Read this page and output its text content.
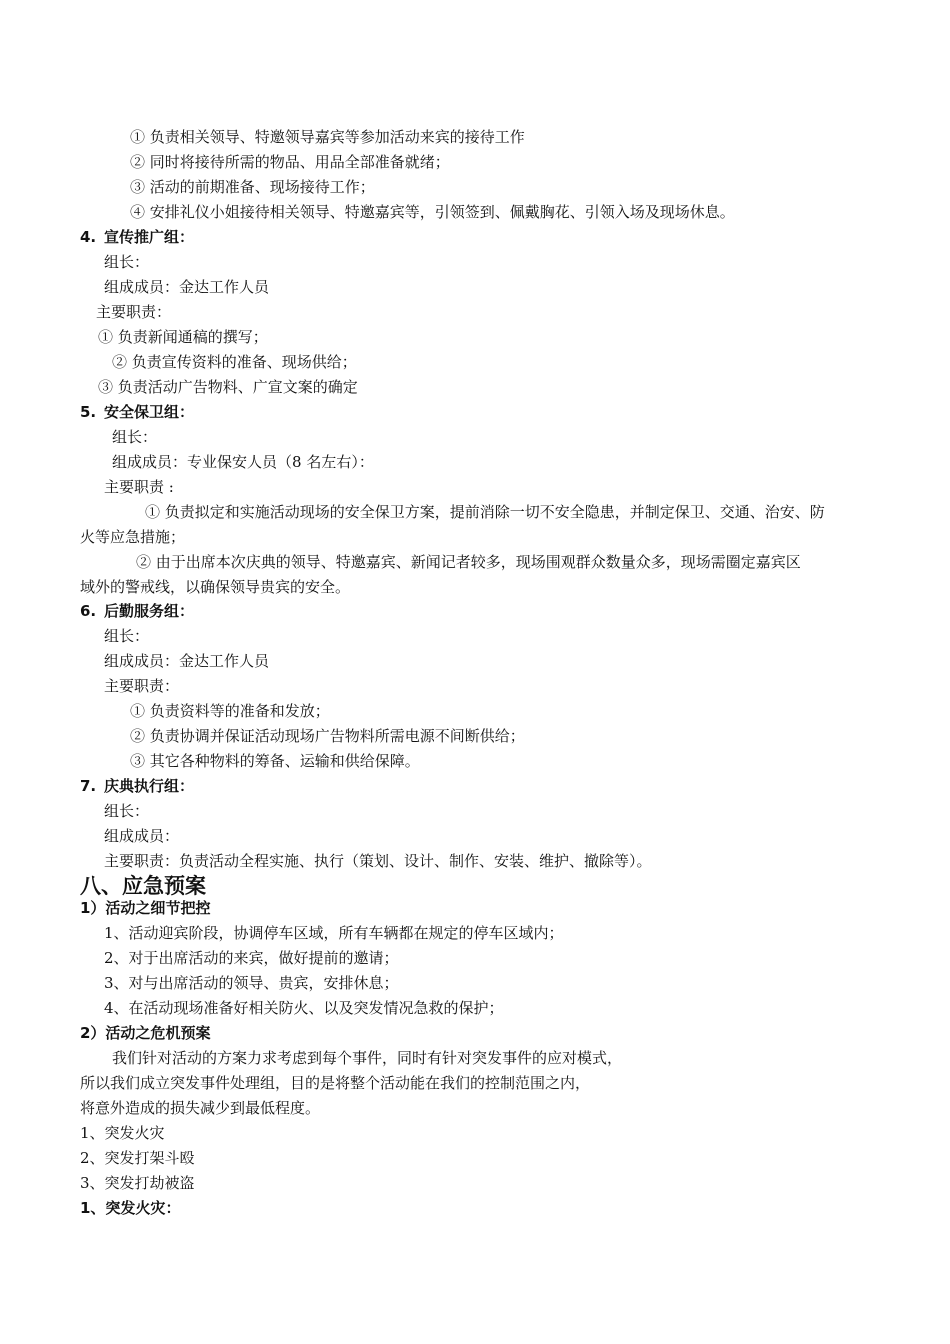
① 负责相关领导、特邀领导嘉宾等参加活动来宾的接待工作
② 同时将接待所需的物品、用品全部准备就绪；
③ 活动的前期准备、现场接待工作；
④ 安排礼仪小姐接待相关领导、特邀嘉宾等，引领签到、佩戴胸花、引领入场及现场休息。
4. 宣传推广组：
组长：
组成成员：金达工作人员
主要职责：
① 负责新闻通稿的撰写；
② 负责宣传资料的准备、现场供给；
③ 负责活动广告物料、广宣文案的确定
5. 安全保卫组：
组长：
组成成员：专业保安人员（8 名左右）：
主要职责 :
① 负责拟定和实施活动现场的安全保卫方案，提前消除一切不安全隐患，并制定保卫、交通、治安、防
火等应急措施；
② 由于出席本次庆典的领导、特邀嘉宾、新闻记者较多，现场围观群众数量众多，现场需圈定嘉宾区
域外的警戒线，以确保领导贵宾的安全。
6. 后勤服务组：
组长：
组成成员：金达工作人员
主要职责：
① 负责资料等的准备和发放；
② 负责协调并保证活动现场广告物料所需电源不间断供给；
③ 其它各种物料的筹备、运输和供给保障。
7. 庆典执行组：
组长：
组成成员：
主要职责：负责活动全程实施、执行（策划、设计、制作、安装、维护、撤除等）。
八、应急预案
1）活动之细节把控
1、活动迎宾阶段，协调停车区域，所有车辆都在规定的停车区域内；
2、对于出席活动的来宾，做好提前的邀请；
3、对与出席活动的领导、贵宾，安排休息；
4、在活动现场准备好相关防火、以及突发情况急救的保护；
2）活动之危机预案
我们针对活动的方案力求考虑到每个事件，同时有针对突发事件的应对模式，
所以我们成立突发事件处理组，目的是将整个活动能在我们的控制范围之内，
将意外造成的损失减少到最低程度。
1、突发火灾
2、突发打架斗殴
3、突发打劫被盗
1、突发火灾：
